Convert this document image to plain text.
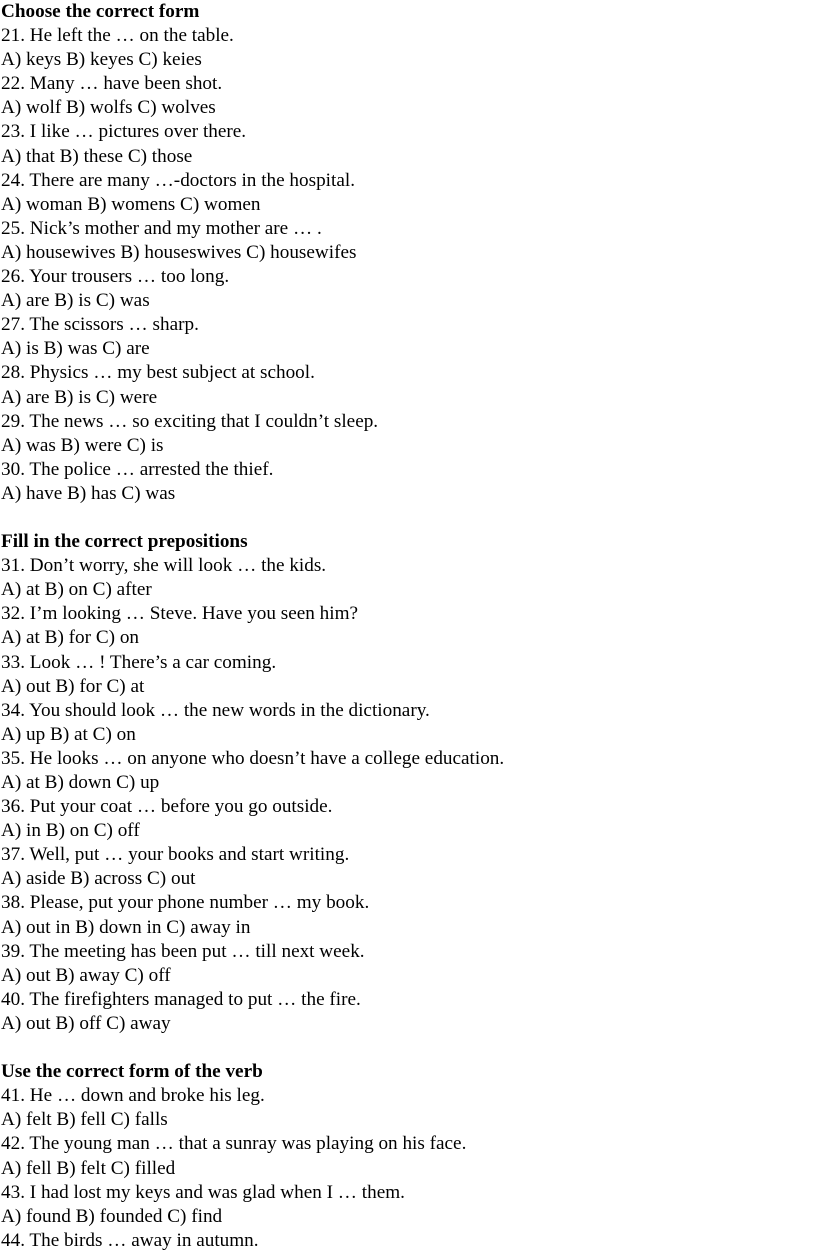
Choose the correct form
21. He left the … on the table.
A) keys B) keyes C) keies
22. Many … have been shot.
A) wolf B) wolfs C) wolves
23. I like … pictures over there.
A) that B) these C) those
24. There are many …-doctors in the hospital.
A) woman B) womens C) women
25. Nick’s mother and my mother are … .
A) housewives B) houseswives C) housewifes
26. Your trousers … too long.
A) are B) is C) was
27. The scissors … sharp.
A) is B) was C) are
28. Physics … my best subject at school.
A) are B) is C) were
29. The news … so exciting that I couldn’t sleep.
A) was B) were C) is
30. The police … arrested the thief.
A) have B) has C) was
Fill in the correct prepositions
31. Don’t worry, she will look … the kids.
A) at B) on C) after
32. I’m looking … Steve. Have you seen him?
A) at B) for C) on
33. Look … ! There’s a car coming.
A) out B) for C) at
34. You should look … the new words in the dictionary.
A) up B) at C) on
35. He looks … on anyone who doesn’t have a college education.
A) at B) down C) up
36. Put your coat … before you go outside.
A) in B) on C) off
37. Well, put … your books and start writing.
A) aside B) across C) out
38. Please, put your phone number … my book.
A) out in B) down in C) away in
39. The meeting has been put … till next week.
A) out B) away C) off
40. The firefighters managed to put … the fire.
A) out B) off C) away
Use the correct form of the verb
41. He … down and broke his leg.
A) felt B) fell C) falls
42. The young man … that a sunray was playing on his face.
A) fell B) felt C) filled
43. I had lost my keys and was glad when I … them.
A) found B) founded C) find
44. The birds … away in autumn.
